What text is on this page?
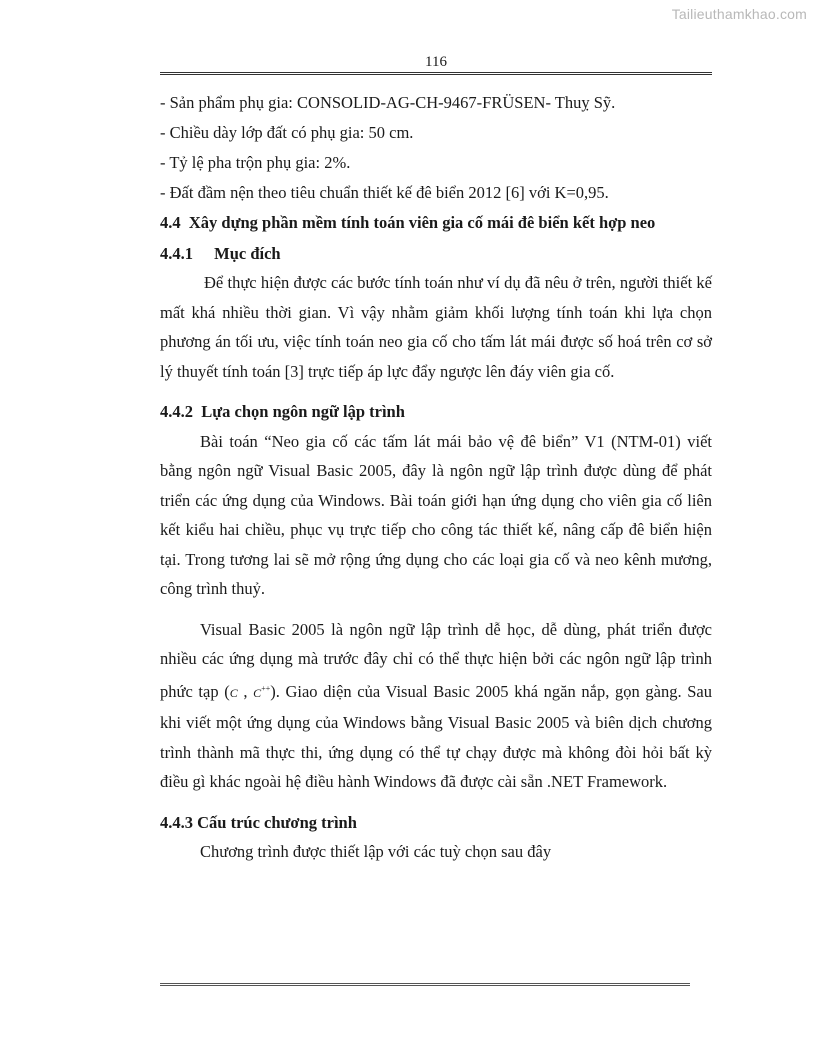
Tailieuthamkhao.com
116

- Sản phẩm phụ gia: CONSOLID-AG-CH-9467-FRÜSEN- Thuỵ Sỹ.

- Chiều dày lớp đất có phụ gia: 50 cm.

- Tỷ lệ pha trộn phụ gia: 2%.

- Đất đầm nện theo tiêu chuẩn thiết kế đê biển 2012 [6] với K=0,95.

4.4 Xây dựng phần mềm tính toán viên gia cố mái đê biển kết hợp neo

4.4.1 Mục đích

Để thực hiện được các bước tính toán như ví dụ đã nêu ở trên, người thiết kế mất khá nhiều thời gian. Vì vậy nhằm giảm khối lượng tính toán khi lựa chọn phương án tối ưu, việc tính toán neo gia cố cho tấm lát mái được số hoá trên cơ sở lý thuyết tính toán [3] trực tiếp áp lực đẩy ngược lên đáy viên gia cố.

4.4.2 Lựa chọn ngôn ngữ lập trình

Bài toán “Neo gia cố các tấm lát mái bảo vệ đê biển” V1 (NTM-01) viết bằng ngôn ngữ Visual Basic 2005, đây là ngôn ngữ lập trình được dùng để phát triển các ứng dụng của Windows. Bài toán giới hạn ứng dụng cho viên gia cố liên kết kiểu hai chiều, phục vụ trực tiếp cho công tác thiết kế, nâng cấp đê biển hiện tại. Trong tương lai sẽ mở rộng ứng dụng cho các loại gia cố và neo kênh mương, công trình thuỷ.

Visual Basic 2005 là ngôn ngữ lập trình dễ học, dễ dùng, phát triển được nhiều các ứng dụng mà trước đây chỉ có thể thực hiện bởi các ngôn ngữ lập trình phức tạp (C , C++). Giao diện của Visual Basic 2005 khá ngăn nắp, gọn gàng. Sau khi viết một ứng dụng của Windows bằng Visual Basic 2005 và biên dịch chương trình thành mã thực thi, ứng dụng có thể tự chạy được mà không đòi hỏi bất kỳ điều gì khác ngoài hệ điều hành Windows đã được cài sẵn .NET Framework.

4.4.3 Cấu trúc chương trình

Chương trình được thiết lập với các tuỳ chọn sau đây
